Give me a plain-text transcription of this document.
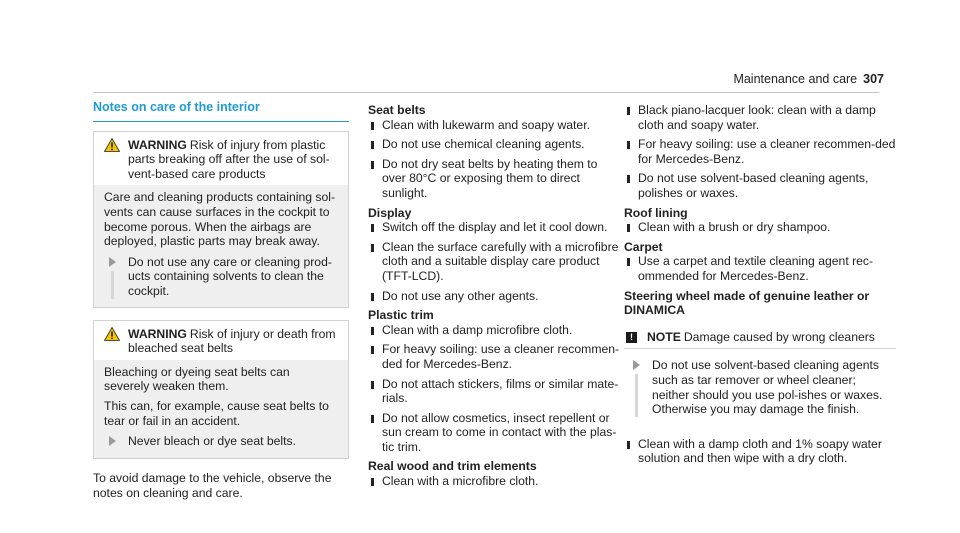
Maintenance and care 307
Notes on care of the interior
WARNING Risk of injury from plastic parts breaking off after the use of sol-vent-based care products
Care and cleaning products containing sol-vents can cause surfaces in the cockpit to become porous. When the airbags are deployed, plastic parts may break away.
Do not use any care or cleaning prod-ucts containing solvents to clean the cockpit.
WARNING Risk of injury or death from bleached seat belts
Bleaching or dyeing seat belts can severely weaken them.
This can, for example, cause seat belts to tear or fail in an accident.
Never bleach or dye seat belts.
To avoid damage to the vehicle, observe the notes on cleaning and care.
Seat belts
Clean with lukewarm and soapy water.
Do not use chemical cleaning agents.
Do not dry seat belts by heating them to over 80°C or exposing them to direct sunlight.
Display
Switch off the display and let it cool down.
Clean the surface carefully with a microfibre cloth and a suitable display care product (TFT-LCD).
Do not use any other agents.
Plastic trim
Clean with a damp microfibre cloth.
For heavy soiling: use a cleaner recommen-ded for Mercedes-Benz.
Do not attach stickers, films or similar mate-rials.
Do not allow cosmetics, insect repellent or sun cream to come in contact with the plas-tic trim.
Real wood and trim elements
Clean with a microfibre cloth.
Black piano-lacquer look: clean with a damp cloth and soapy water.
For heavy soiling: use a cleaner recommen-ded for Mercedes-Benz.
Do not use solvent-based cleaning agents, polishes or waxes.
Roof lining
Clean with a brush or dry shampoo.
Carpet
Use a carpet and textile cleaning agent rec-ommended for Mercedes-Benz.
Steering wheel made of genuine leather or DINAMICA
!	NOTE Damage caused by wrong cleaners
Do not use solvent-based cleaning agents such as tar remover or wheel cleaner; neither should you use pol-ishes or waxes. Otherwise you may damage the finish.
Clean with a damp cloth and 1% soapy water solution and then wipe with a dry cloth.
